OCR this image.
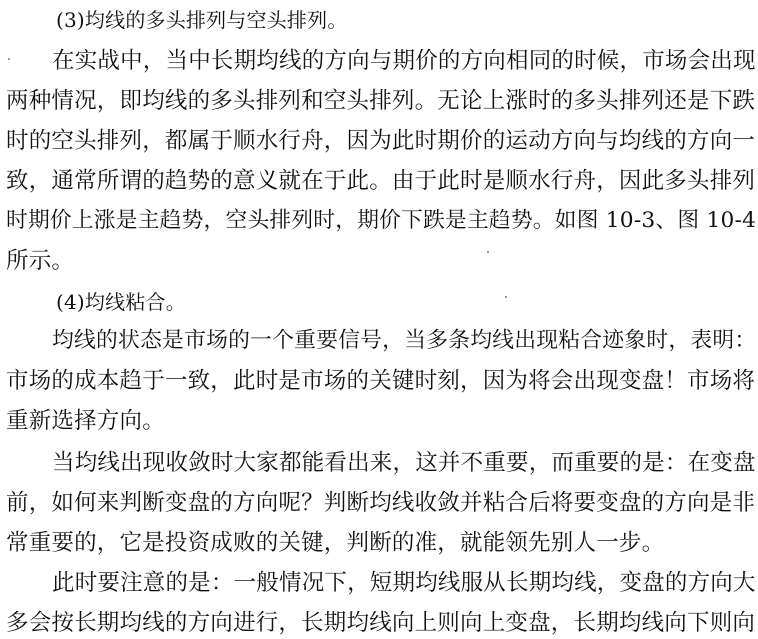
(3)均线的多头排列与空头排列。
在实战中，当中长期均线的方向与期价的方向相同的时候，市场会出现
两种情况，即均线的多头排列和空头排列。无论上涨时的多头排列还是下跌
时的空头排列，都属于顺水行舟，因为此时期价的运动方向与均线的方向一
致，通常所谓的趋势的意义就在于此。由于此时是顺水行舟，因此多头排列
时期价上涨是主趋势，空头排列时，期价下跌是主趋势。如图 10-3、图 10-4
所示。
(4)均线粘合。
均线的状态是市场的一个重要信号，当多条均线出现粘合迹象时，表明：
市场的成本趋于一致，此时是市场的关键时刻，因为将会出现变盘！市场将
重新选择方向。
当均线出现收敛时大家都能看出来，这并不重要，而重要的是：在变盘
前，如何来判断变盘的方向呢？判断均线收敛并粘合后将要变盘的方向是非
常重要的，它是投资成败的关键，判断的准，就能领先别人一步。
此时要注意的是：一般情况下，短期均线服从长期均线，变盘的方向大
多会按长期均线的方向进行，长期均线向上则向上变盘，长期均线向下则向
